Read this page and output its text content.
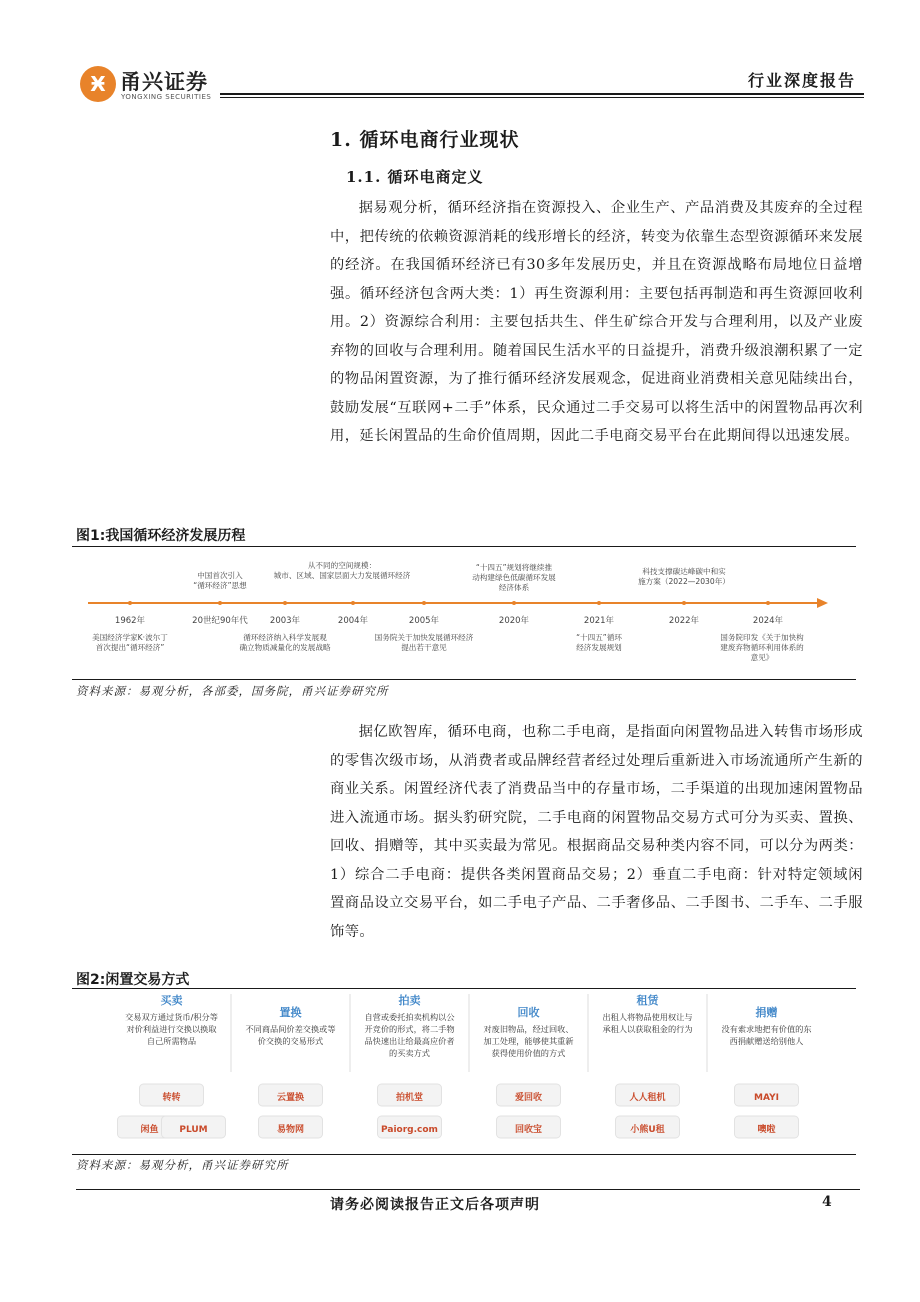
Ӿ 甬兴证券
YONGXING SECURITIES
行业深度报告
1. 循环电商行业现状
1.1. 循环电商定义

据易观分析，循环经济指在资源投入、企业生产、产品消费及其废弃的全过程中，把传统的依赖资源消耗的线形增长的经济，转变为依靠生态型资源循环来发展的经济。在我国循环经济已有30多年发展历史，并且在资源战略布局地位日益增强。循环经济包含两大类：1）再生资源利用：主要包括再制造和再生资源回收利用。2）资源综合利用：主要包括共生、伴生矿综合开发与合理利用，以及产业废弃物的回收与合理利用。随着国民生活水平的日益提升，消费升级浪潮积累了一定的物品闲置资源，为了推行循环经济发展观念，促进商业消费相关意见陆续出台，鼓励发展“互联网+二手”体系，民众通过二手交易可以将生活中的闲置物品再次利用，延长闲置品的生命价值周期，因此二手电商交易平台在此期间得以迅速发展。

图1:我国循环经济发展历程
1962年	20世纪90年代	2003年	2004年	2005年	2020年	2021年	2022年	2024年
中国首次引入
“循环经济”思想
从不同的空间规模：
城市、区域、国家层面大力发展循环经济
“十四五”规划将继续推
动构建绿色低碳循环发展
经济体系
科技支撑碳达峰碳中和实
施方案（2022—2030年）
美国经济学家K·波尔丁
首次提出“循环经济”
循环经济纳入科学发展观
确立物质减量化的发展战略
国务院关于加快发展循环经济
提出若干意见
“十四五”循环
经济发展规划
国务院印发《关于加快构
建废弃物循环利用体系的
意见》
资料来源：易观分析，各部委，国务院，甬兴证券研究所

据亿欧智库，循环电商，也称二手电商，是指面向闲置物品进入转售市场形成的零售次级市场，从消费者或品牌经营者经过处理后重新进入市场流通所产生新的商业关系。闲置经济代表了消费品当中的存量市场，二手渠道的出现加速闲置物品进入流通市场。据头豹研究院，二手电商的闲置物品交易方式可分为买卖、置换、回收、捐赠等，其中买卖最为常见。根据商品交易种类内容不同，可以分为两类：1）综合二手电商：提供各类闲置商品交易；2）垂直二手电商：针对特定领域闲置商品设立交易平台，如二手电子产品、二手奢侈品、二手图书、二手车、二手服饰等。

图2:闲置交易方式
买卖
交易双方通过货币/积分等
对价利益进行交换以换取
自己所需物品
转转
闲鱼 PLUM
置换
不同商品间价差交换或等
价交换的交易形式
云置换
易物网
拍卖
自营或委托拍卖机构以公
开竞价的形式，将二手物
品快速出让给最高应价者
的买卖方式
拍机堂
Paiorg.com
回收
对废旧物品，经过回收、
加工处理，能够使其重新
获得使用价值的方式
爱回收
回收宝
租赁
出租人将物品使用权让与
承租人以获取租金的行为
人人租机
小熊U租
捐赠
没有索求地把有价值的东
西捐献赠送给别他人
MAYI
噢啦
资料来源：易观分析，甬兴证券研究所
请务必阅读报告正文后各项声明	4
